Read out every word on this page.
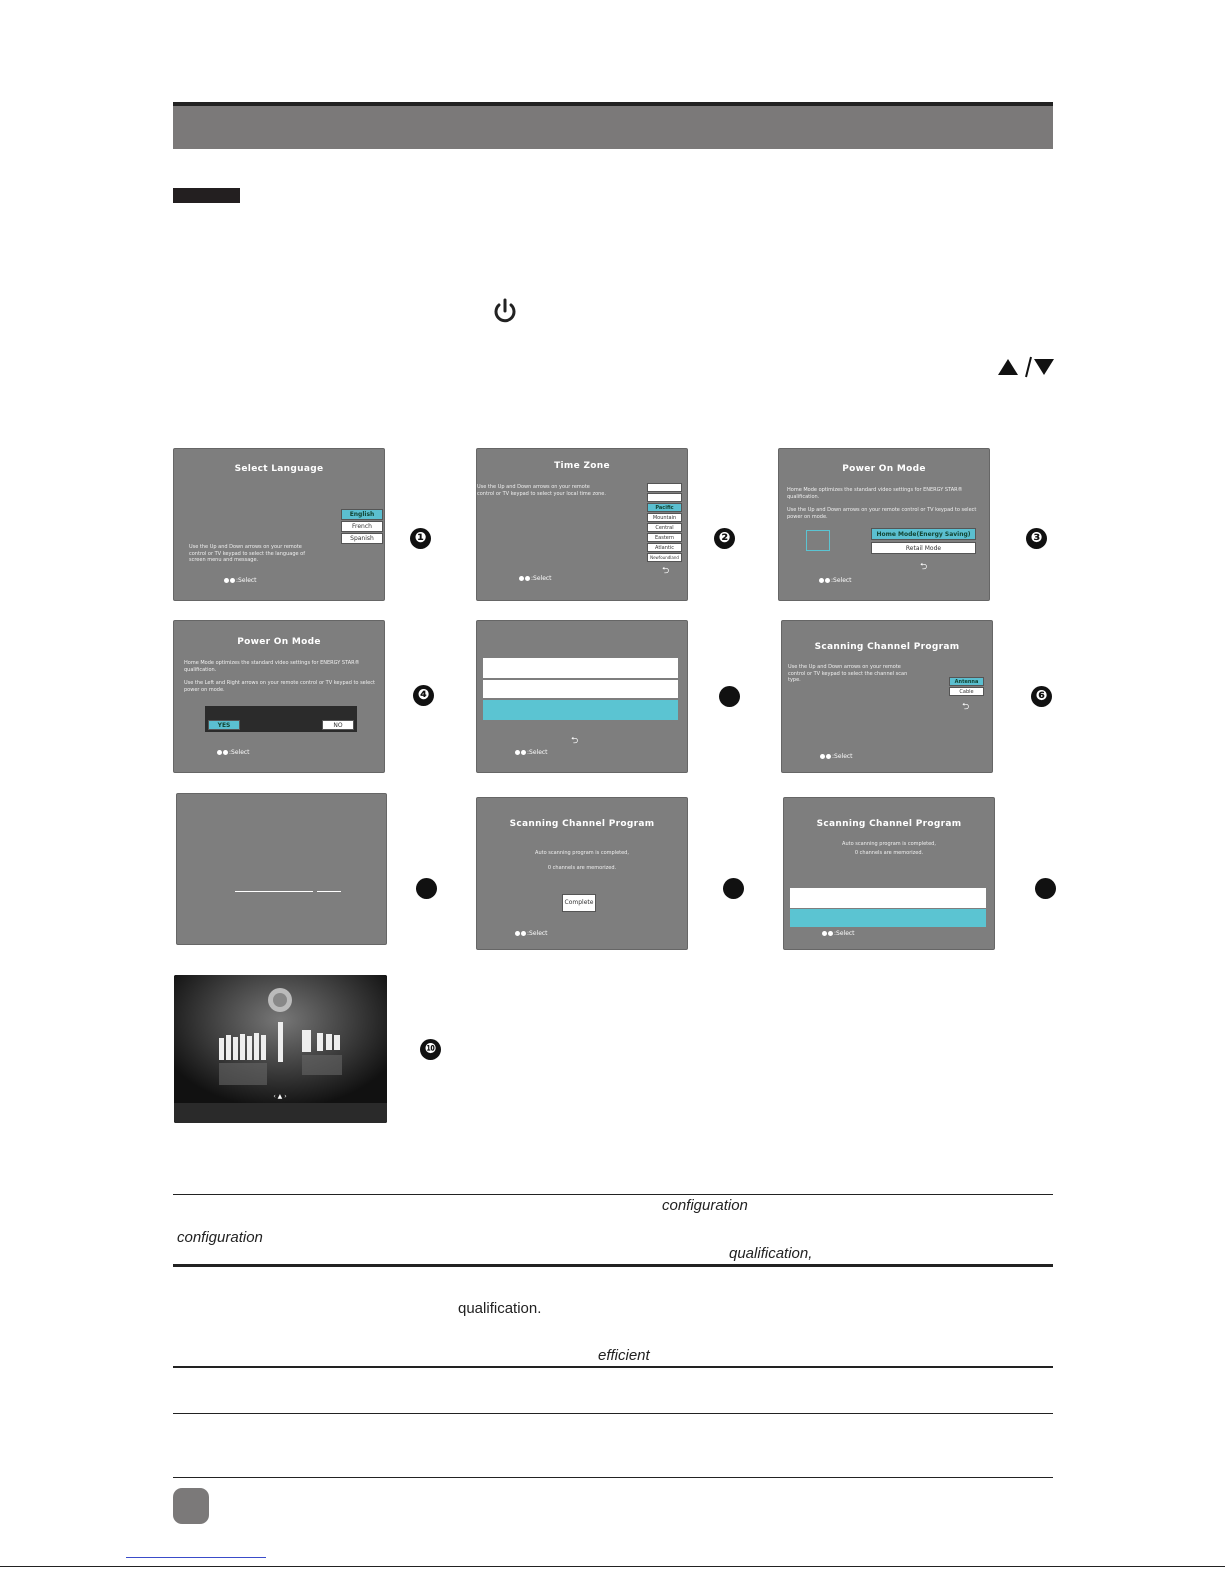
Select Language
English
French
Spanish
Use the Up and Down arrows on your remote control or TV keypad to select the language of screen menu and message.
:Select
❶
Time Zone
Use the Up and Down arrows on your remote control or TV keypad to select your local time zone.
Pacific
Mountain
Central
Eastern
Atlantic
Newfoundland
⮌
:Select
❷
Power On Mode
Home Mode optimizes the standard video settings for ENERGY STAR® qualification.
Use the Up and Down arrows on your remote control or TV keypad to select power on mode.
Home Mode(Energy Saving)
Retail Mode
⮌
:Select
❸
Power On Mode
Home Mode optimizes the standard video settings for ENERGY STAR® qualification.
Use the Left and Right arrows on your remote control or TV keypad to select power on mode.
YES	NO
:Select
❹
⮌
:Select
Scanning Channel Program
Use the Up and Down arrows on your remote control or TV keypad to select the channel scan type.	Antenna
Cable
⮌
:Select
❻
Scanning Channel Program
Auto scanning program is completed,
0 channels are memorized.
Complete
:Select
Scanning Channel Program
Auto scanning program is completed,
0 channels are memorized.
:Select
‹ ▲ ›
❿
configuration
configuration
qualification,
qualification.
efficient
